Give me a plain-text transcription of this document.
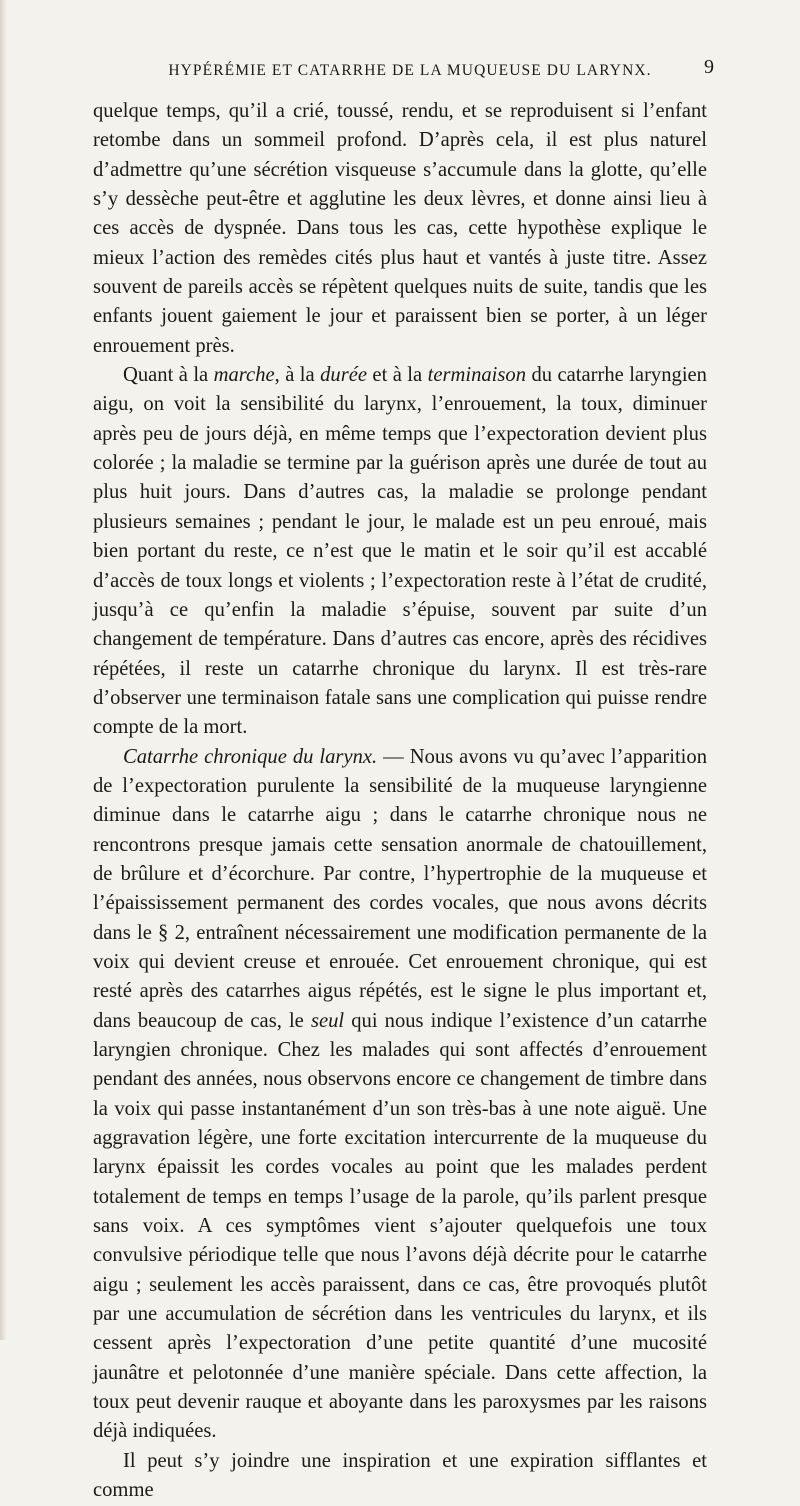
HYPÉRÉMIE ET CATARRHE DE LA MUQUEUSE DU LARYNX.	9

quelque temps, qu’il a crié, toussé, rendu, et se reproduisent si l’enfant retombe dans un sommeil profond. D’après cela, il est plus naturel d’admettre qu’une sécrétion visqueuse s’accumule dans la glotte, qu’elle s’y dessèche peut-être et agglutine les deux lèvres, et donne ainsi lieu à ces accès de dyspnée. Dans tous les cas, cette hypothèse explique le mieux l’action des remèdes cités plus haut et vantés à juste titre. Assez souvent de pareils accès se répètent quelques nuits de suite, tandis que les enfants jouent gaiement le jour et paraissent bien se porter, à un léger enrouement près.

Quant à la marche, à la durée et à la terminaison du catarrhe laryngien aigu, on voit la sensibilité du larynx, l’enrouement, la toux, diminuer après peu de jours déjà, en même temps que l’expectoration devient plus colorée ; la maladie se termine par la guérison après une durée de tout au plus huit jours. Dans d’autres cas, la maladie se prolonge pendant plusieurs semaines ; pendant le jour, le malade est un peu enroué, mais bien portant du reste, ce n’est que le matin et le soir qu’il est accablé d’accès de toux longs et violents ; l’expectoration reste à l’état de crudité, jusqu’à ce qu’enfin la maladie s’épuise, souvent par suite d’un changement de température. Dans d’autres cas encore, après des récidives répétées, il reste un catarrhe chronique du larynx. Il est très-rare d’observer une terminaison fatale sans une complication qui puisse rendre compte de la mort.

Catarrhe chronique du larynx. — Nous avons vu qu’avec l’apparition de l’expectoration purulente la sensibilité de la muqueuse laryngienne diminue dans le catarrhe aigu ; dans le catarrhe chronique nous ne rencontrons presque jamais cette sensation anormale de chatouillement, de brûlure et d’écorchure. Par contre, l’hypertrophie de la muqueuse et l’épaississement permanent des cordes vocales, que nous avons décrits dans le § 2, entraînent nécessairement une modification permanente de la voix qui devient creuse et enrouée. Cet enrouement chronique, qui est resté après des catarrhes aigus répétés, est le signe le plus important et, dans beaucoup de cas, le seul qui nous indique l’existence d’un catarrhe laryngien chronique. Chez les malades qui sont affectés d’enrouement pendant des années, nous observons encore ce changement de timbre dans la voix qui passe instantanément d’un son très-bas à une note aiguë. Une aggravation légère, une forte excitation intercurrente de la muqueuse du larynx épaissit les cordes vocales au point que les malades perdent totalement de temps en temps l’usage de la parole, qu’ils parlent presque sans voix. A ces symptômes vient s’ajouter quelquefois une toux convulsive périodique telle que nous l’avons déjà décrite pour le catarrhe aigu ; seulement les accès paraissent, dans ce cas, être provoqués plutôt par une accumulation de sécrétion dans les ventricules du larynx, et ils cessent après l’expectoration d’une petite quantité d’une mucosité jaunâtre et pelotonnée d’une manière spéciale. Dans cette affection, la toux peut devenir rauque et aboyante dans les paroxysmes par les raisons déjà indiquées.

Il peut s’y joindre une inspiration et une expiration sifflantes et comme
